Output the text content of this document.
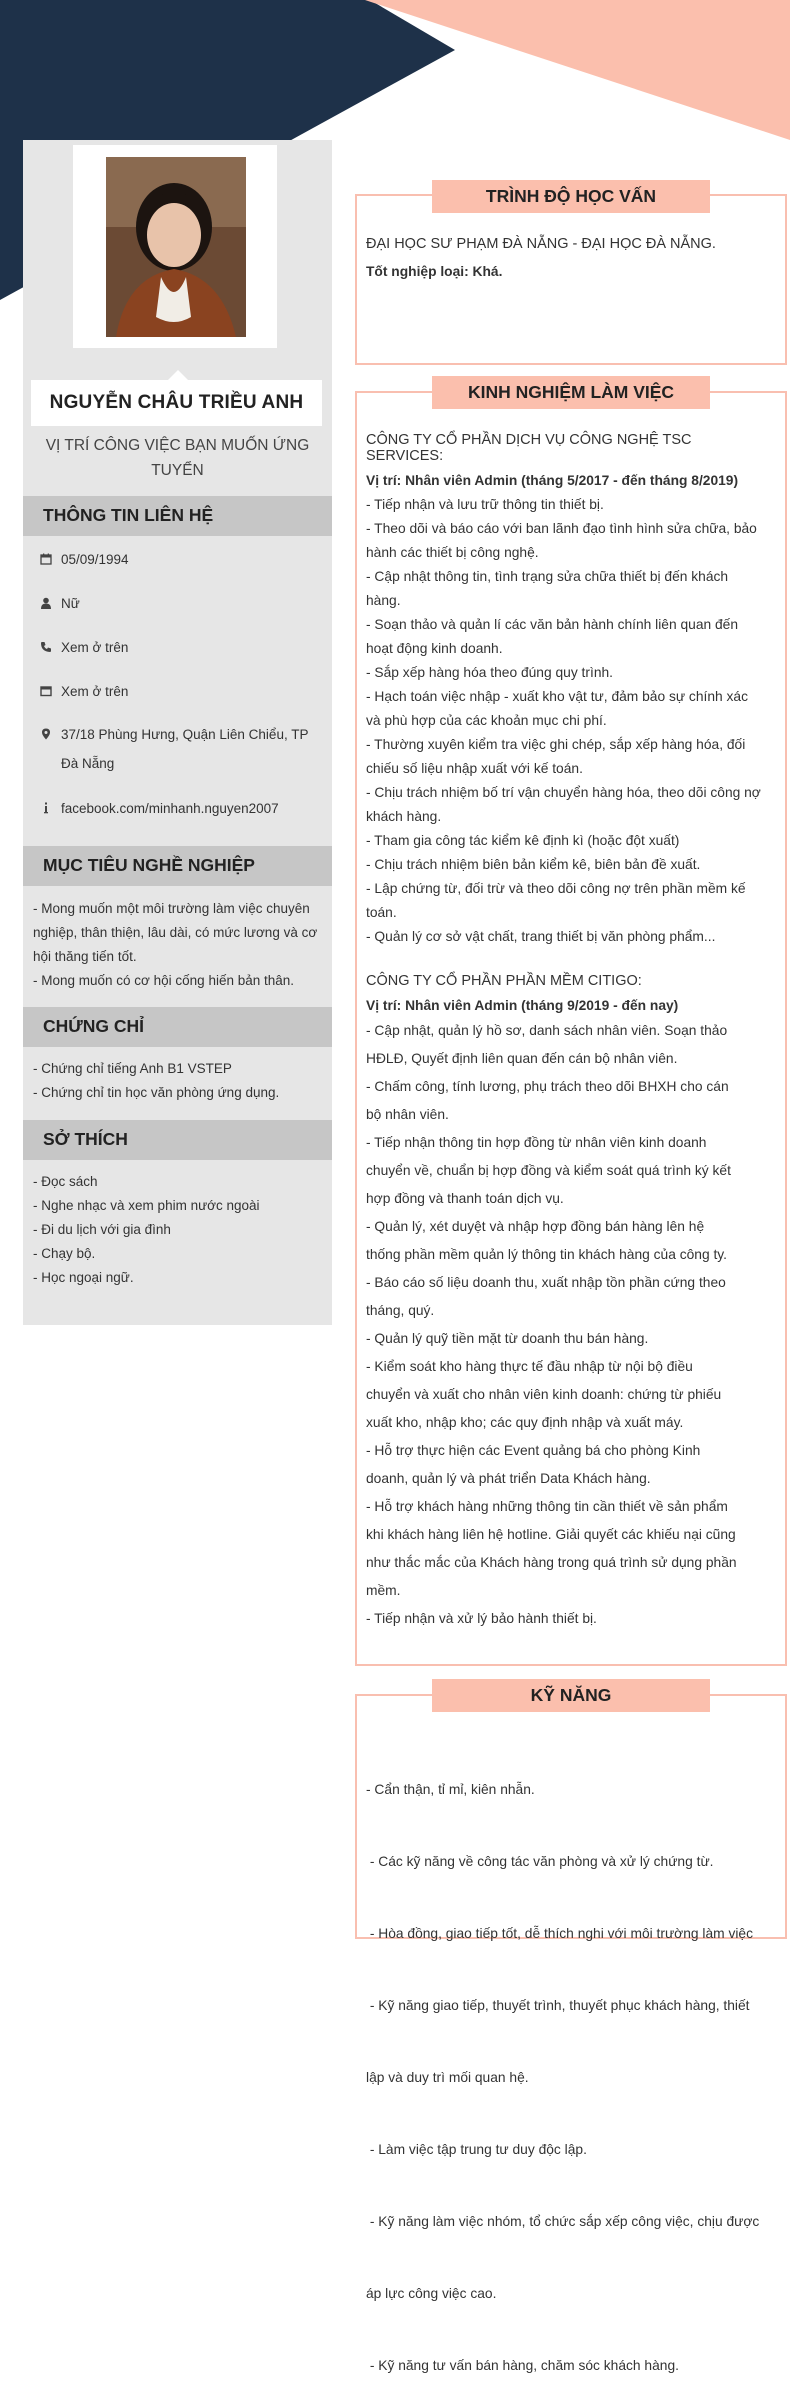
NGUYỄN CHÂU TRIỀU ANH
VỊ TRÍ CÔNG VIỆC BẠN MUỐN ỨNG
TUYỂN
THÔNG TIN LIÊN HỆ
05/09/1994
Nữ
Xem ở trên
Xem ở trên
37/18 Phùng Hưng, Quận Liên Chiểu, TP
Đà Nẵng
facebook.com/minhanh.nguyen2007
MỤC TIÊU NGHỀ NGHIỆP
- Mong muốn một môi trường làm việc chuyên
nghiệp, thân thiện, lâu dài, có mức lương và cơ
hội thăng tiến tốt.
- Mong muốn có cơ hội cống hiến bản thân.
CHỨNG CHỈ
- Chứng chỉ tiếng Anh B1 VSTEP
- Chứng chỉ tin học văn phòng ứng dụng.
SỞ THÍCH
- Đọc sách
- Nghe nhạc và xem phim nước ngoài
- Đi du lịch với gia đình
- Chạy bộ.
- Học ngoại ngữ.
TRÌNH ĐỘ HỌC VẤN

ĐẠI HỌC SƯ PHẠM ĐÀ NẴNG - ĐẠI HỌC ĐÀ NẴNG.

Tốt nghiệp loại: Khá.

KINH NGHIỆM LÀM VIỆC

CÔNG TY CỔ PHẦN DỊCH VỤ CÔNG NGHỆ TSC SERVICES:

Vị trí: Nhân viên Admin (tháng 5/2017 - đến tháng 8/2019)

- Tiếp nhận và lưu trữ thông tin thiết bị.
- Theo dõi và báo cáo với ban lãnh đạo tình hình sửa chữa, bảo
hành các thiết bị công nghệ.
- Cập nhật thông tin, tình trạng sửa chữa thiết bị đến khách
hàng.
- Soạn thảo và quản lí các văn bản hành chính liên quan đến
hoạt động kinh doanh.
- Sắp xếp hàng hóa theo đúng quy trình.
- Hạch toán việc nhập - xuất kho vật tư, đảm bảo sự chính xác
và phù hợp của các khoản mục chi phí.
- Thường xuyên kiểm tra việc ghi chép, sắp xếp hàng hóa, đối
chiếu số liệu nhập xuất với kế toán.
- Chịu trách nhiệm bố trí vận chuyển hàng hóa, theo dõi công nợ
khách hàng.
- Tham gia công tác kiểm kê định kì (hoặc đột xuất)
- Chịu trách nhiệm biên bản kiểm kê, biên bản đề xuất.
- Lập chứng từ, đối trừ và theo dõi công nợ trên phần mềm kế
toán.
- Quản lý cơ sở vật chất, trang thiết bị văn phòng phẩm...

CÔNG TY CỔ PHẦN PHẦN MỀM CITIGO:

Vị trí: Nhân viên Admin (tháng 9/2019 - đến nay)

- Cập nhật, quản lý hồ sơ, danh sách nhân viên. Soạn thảo
HĐLĐ, Quyết định liên quan đến cán bộ nhân viên.
- Chấm công, tính lương, phụ trách theo dõi BHXH cho cán
bộ nhân viên.
- Tiếp nhận thông tin hợp đồng từ nhân viên kinh doanh
chuyển về, chuẩn bị hợp đồng và kiểm soát quá trình ký kết
hợp đồng và thanh toán dịch vụ.
- Quản lý, xét duyệt và nhập hợp đồng bán hàng lên hệ
thống phần mềm quản lý thông tin khách hàng của công ty.
- Báo cáo số liệu doanh thu, xuất nhập tồn phần cứng theo
tháng, quý.
- Quản lý quỹ tiền mặt từ doanh thu bán hàng.
- Kiểm soát kho hàng thực tế đầu nhập từ nội bộ điều
chuyển và xuất cho nhân viên kinh doanh: chứng từ phiếu
xuất kho, nhập kho; các quy định nhập và xuất máy.
- Hỗ trợ thực hiện các Event quảng bá cho phòng Kinh
doanh, quản lý và phát triển Data Khách hàng.
- Hỗ trợ khách hàng những thông tin cần thiết về sản phẩm
khi khách hàng liên hệ hotline. Giải quyết các khiếu nại cũng
như thắc mắc của Khách hàng trong quá trình sử dụng phần
mềm.
- Tiếp nhận và xử lý bảo hành thiết bị.
KỸ NĂNG

- Cẩn thận, tỉ mỉ, kiên nhẫn.

- Các kỹ năng về công tác văn phòng và xử lý chứng từ.

- Hòa đồng, giao tiếp tốt, dễ thích nghi với môi trường làm việc

- Kỹ năng giao tiếp, thuyết trình, thuyết phục khách hàng, thiết

lập và duy trì mối quan hệ.

- Làm việc tập trung tư duy độc lập.

- Kỹ năng làm việc nhóm, tổ chức sắp xếp công việc, chịu được

áp lực công việc cao.

- Kỹ năng tư vấn bán hàng, chăm sóc khách hàng.
